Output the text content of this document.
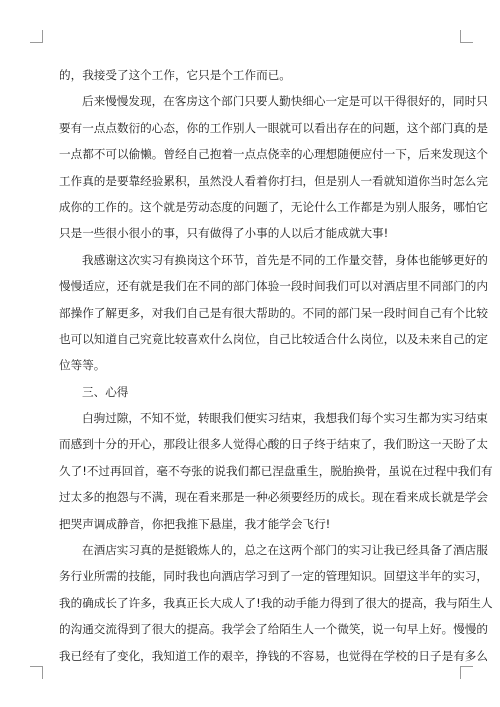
的，我接受了这个工作，它只是个工作而已。
后来慢慢发现，在客房这个部门只要人勤快细心一定是可以干得很好的，同时只
要有一点点数衍的心态，你的工作别人一眼就可以看出存在的问题，这个部门真的是
一点都不可以偷懒。曾经自己抱着一点点侥幸的心理想随便应付一下，后来发现这个
工作真的是要靠经验累积，虽然没人看着你打扫，但是别人一看就知道你当时怎么完
成你的工作的。这个就是劳动态度的问题了，无论什么工作都是为别人服务，哪怕它
只是一些很小很小的事，只有做得了小事的人以后才能成就大事!
我感谢这次实习有换岗这个环节，首先是不同的工作量交替，身体也能够更好的
慢慢适应，还有就是我们在不同的部门体验一段时间我们可以对酒店里不同部门的内
部操作了解更多，对我们自己是有很大帮助的。不同的部门呆一段时间自己有个比较
也可以知道自己究竟比较喜欢什么岗位，自己比较适合什么岗位，以及未来自己的定
位等等。
三、心得
白驹过隙，不知不觉，转眼我们便实习结束，我想我们每个实习生都为实习结束
而感到十分的开心，那段让很多人觉得心酸的日子终于结束了，我们盼这一天盼了太
久了!不过再回首，毫不夸张的说我们都已涅盘重生，脱胎换骨，虽说在过程中我们有
过太多的抱怨与不满，现在看来那是一种必须要经历的成长。现在看来成长就是学会
把哭声调成静音，你把我推下悬崖，我才能学会飞行!
在酒店实习真的是挺锻炼人的，总之在这两个部门的实习让我已经具备了酒店服
务行业所需的技能，同时我也向酒店学习到了一定的管理知识。回望这半年的实习，
我的确成长了许多，我真正长大成人了!我的动手能力得到了很大的提高，我与陌生人
的沟通交流得到了很大的提高。我学会了给陌生人一个微笑，说一句早上好。慢慢的
我已经有了变化，我知道工作的艰辛，挣钱的不容易，也觉得在学校的日子是有多么
